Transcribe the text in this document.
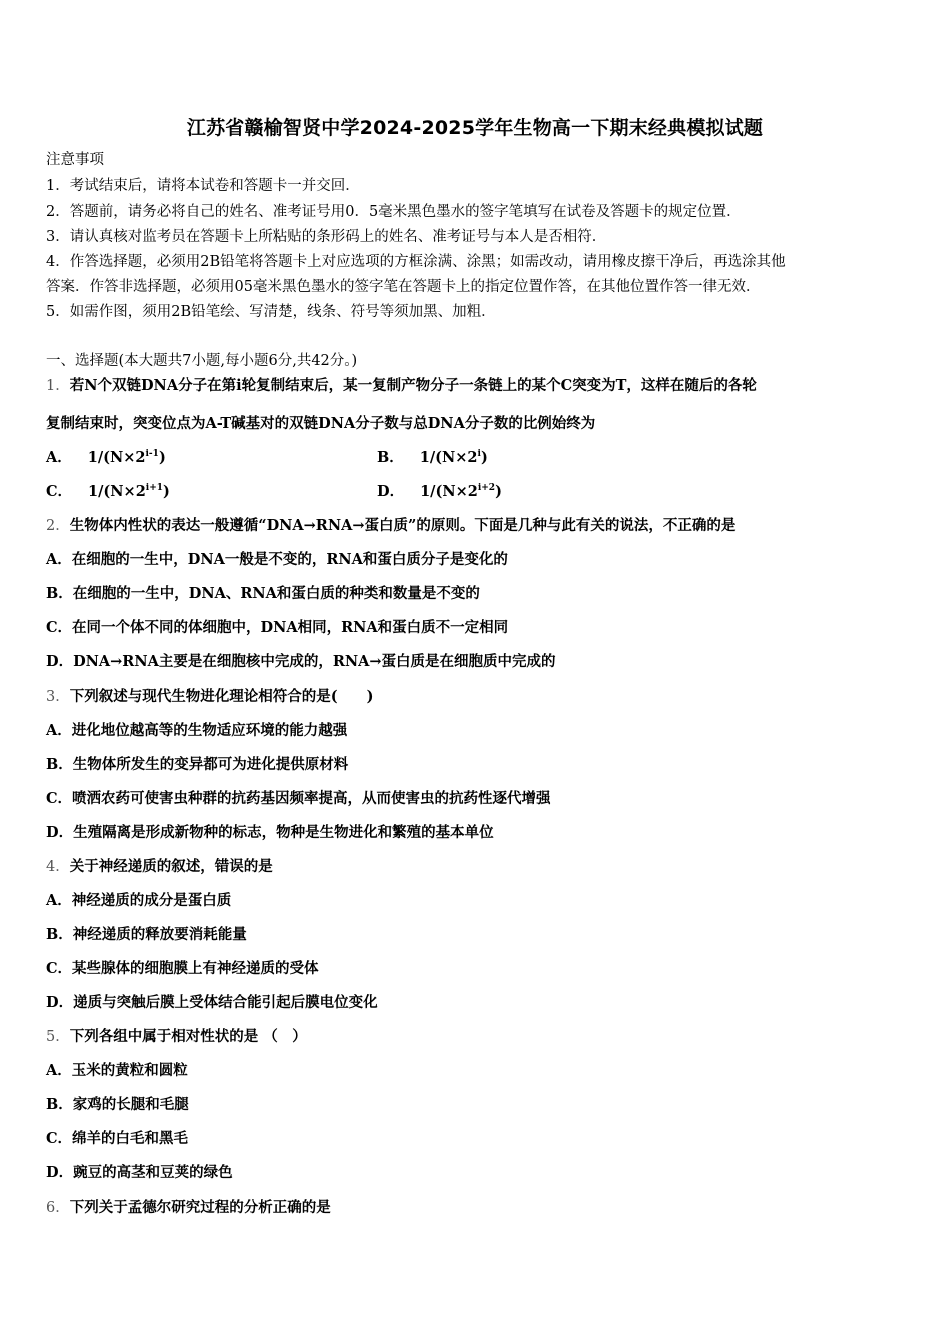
江苏省赣榆智贤中学2024-2025学年生物高一下期末经典模拟试题
注意事项
1．考试结束后，请将本试卷和答题卡一并交回．
2．答题前，请务必将自己的姓名、准考证号用0．5毫米黑色墨水的签字笔填写在试卷及答题卡的规定位置．
3．请认真核对监考员在答题卡上所粘贴的条形码上的姓名、准考证号与本人是否相符．
4．作答选择题，必须用2B铅笔将答题卡上对应选项的方框涂满、涂黑；如需改动，请用橡皮擦干净后，再选涂其他
答案．作答非选择题，必须用05毫米黑色墨水的签字笔在答题卡上的指定位置作答，在其他位置作答一律无效．
5．如需作图，须用2B铅笔绘、写清楚，线条、符号等须加黑、加粗．
一、选择题(本大题共7小题,每小题6分,共42分。)
1．若N个双链DNA分子在第i轮复制结束后，某一复制产物分子一条链上的某个C突变为T，这样在随后的各轮
复制结束时，突变位点为A-T碱基对的双链DNA分子数与总DNA分子数的比例始终为
A． $1/(N\times 2^{i-1})$	B． $1/(N\times 2^i)$
C． $1/(N\times 2^{i+1})$	D． $1/(N\times 2^{i+2})$
2．生物体内性状的表达一般遵循“DNA→RNA→蛋白质”的原则。下面是几种与此有关的说法，不正确的是
A．在细胞的一生中，DNA一般是不变的，RNA和蛋白质分子是变化的
B．在细胞的一生中，DNA、RNA和蛋白质的种类和数量是不变的
C．在同一个体不同的体细胞中，DNA相同，RNA和蛋白质不一定相同
D．DNA→RNA主要是在细胞核中完成的，RNA→蛋白质是在细胞质中完成的
3．下列叙述与现代生物进化理论相符合的是(　　)
A．进化地位越高等的生物适应环境的能力越强
B．生物体所发生的变异都可为进化提供原材料
C．喷洒农药可使害虫种群的抗药基因频率提高，从而使害虫的抗药性逐代增强
D．生殖隔离是形成新物种的标志，物种是生物进化和繁殖的基本单位
4．关于神经递质的叙述，错误的是
A．神经递质的成分是蛋白质
B．神经递质的释放要消耗能量
C．某些腺体的细胞膜上有神经递质的受体
D．递质与突触后膜上受体结合能引起后膜电位变化
5．下列各组中属于相对性状的是 （　）
A．玉米的黄粒和圆粒
B．家鸡的长腿和毛腿
C．绵羊的白毛和黑毛
D．豌豆的高茎和豆荚的绿色
6．下列关于孟德尔研究过程的分析正确的是
